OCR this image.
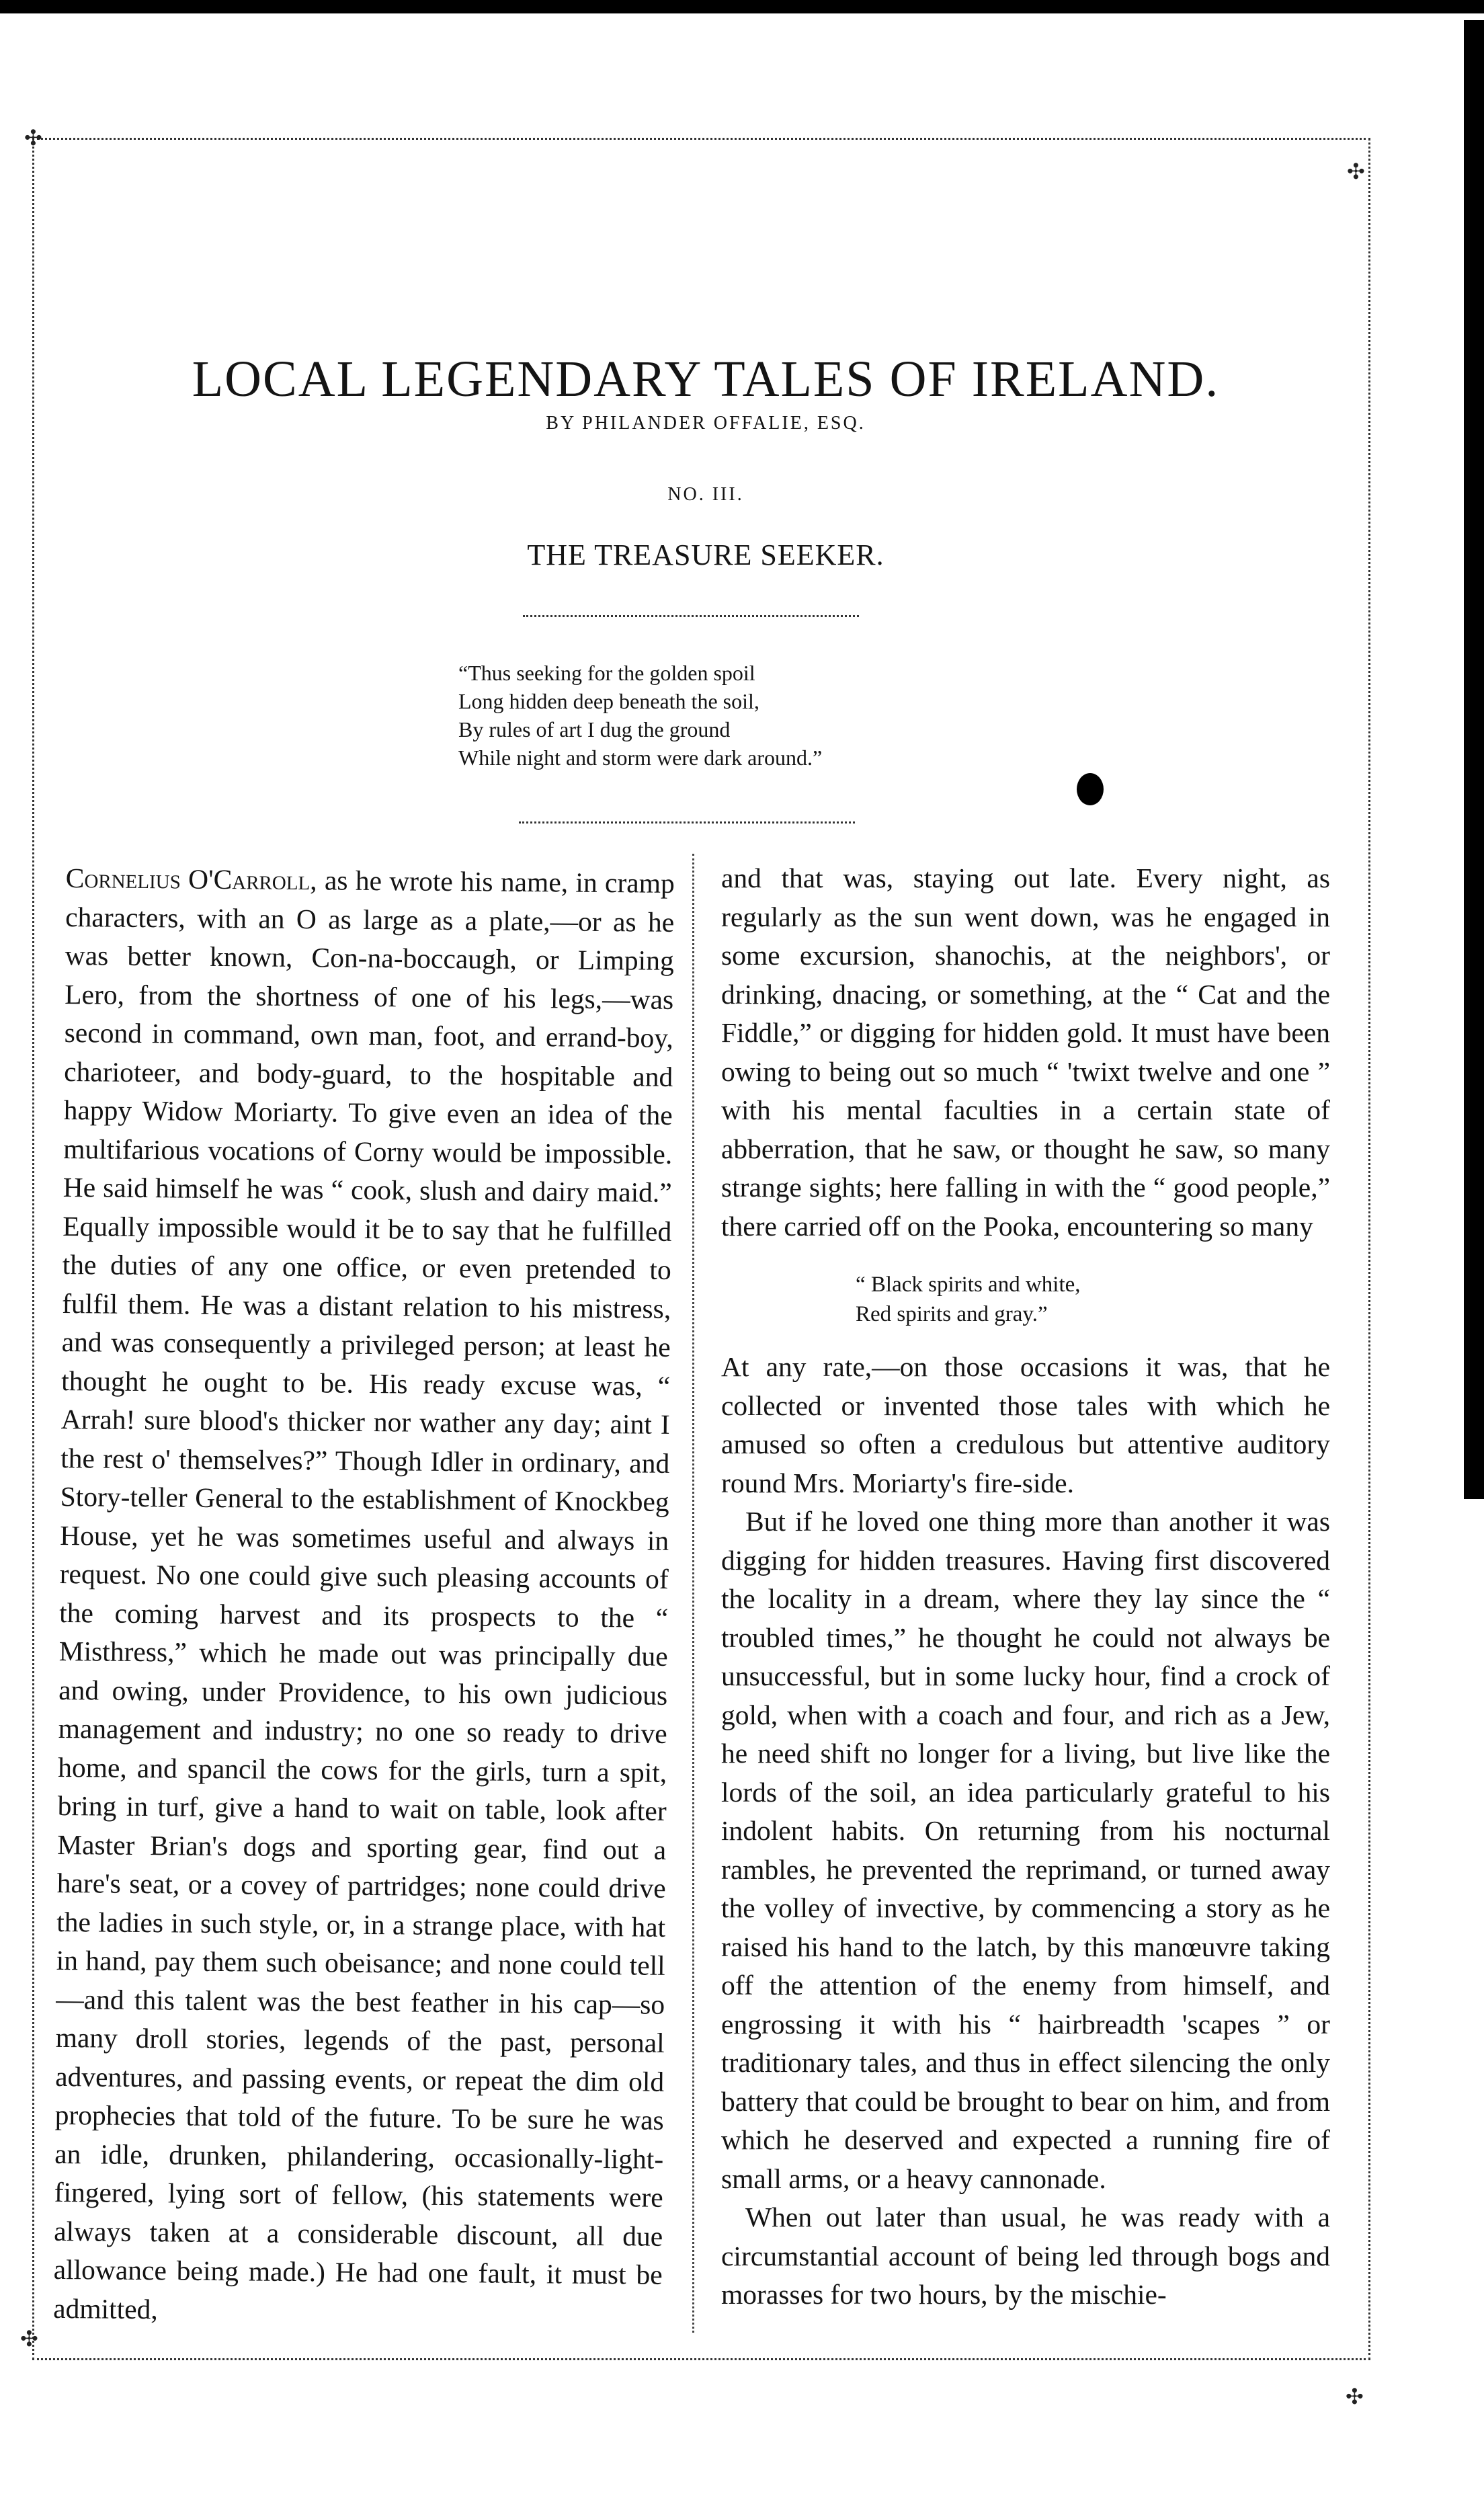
✣
✣
✣
✣
LOCAL LEGENDARY TALES OF IRELAND.
BY PHILANDER OFFALIE, ESQ.
NO. III.
THE TREASURE SEEKER.
“Thus seeking for the golden spoil
Long hidden deep beneath the soil,
By rules of art I dug the ground
While night and storm were dark around.”

Cornelius O'Carroll, as he wrote his name, in cramp characters, with an O as large as a plate,—or as he was better known, Con-na-boccaugh, or Limping Lero, from the shortness of one of his legs,—was second in command, own man, foot, and errand-boy, charioteer, and body-guard, to the hospitable and happy Widow Moriarty. To give even an idea of the multifarious vocations of Corny would be impossible. He said himself he was “ cook, slush and dairy maid.” Equally impossible would it be to say that he fulfilled the duties of any one office, or even pretended to fulfil them. He was a distant relation to his mistress, and was consequently a privileged person; at least he thought he ought to be. His ready excuse was, “ Arrah! sure blood's thicker nor wather any day; aint I the rest o' themselves?” Though Idler in ordinary, and Story-teller General to the establishment of Knockbeg House, yet he was sometimes useful and always in request. No one could give such pleasing accounts of the coming harvest and its prospects to the “ Misthress,” which he made out was principally due and owing, under Providence, to his own judicious management and industry; no one so ready to drive home, and spancil the cows for the girls, turn a spit, bring in turf, give a hand to wait on table, look after Master Brian's dogs and sporting gear, find out a hare's seat, or a covey of partridges; none could drive the ladies in such style, or, in a strange place, with hat in hand, pay them such obeisance; and none could tell—and this talent was the best feather in his cap—so many droll stories, legends of the past, personal adventures, and passing events, or repeat the dim old prophecies that told of the future. To be sure he was an idle, drunken, philandering, occasionally-light-fingered, lying sort of fellow, (his statements were always taken at a considerable discount, all due allowance being made.) He had one fault, it must be admitted,

and that was, staying out late. Every night, as regularly as the sun went down, was he engaged in some excursion, shanochis, at the neighbors', or drinking, dnacing, or something, at the “ Cat and the Fiddle,” or digging for hidden gold. It must have been owing to being out so much “ 'twixt twelve and one ” with his mental faculties in a certain state of abberration, that he saw, or thought he saw, so many strange sights; here falling in with the “ good people,” there carried off on the Pooka, encountering so many

“ Black spirits and white,
Red spirits and gray.”

At any rate,—on those occasions it was, that he collected or invented those tales with which he amused so often a credulous but attentive auditory round Mrs. Moriarty's fire-side.

But if he loved one thing more than another it was digging for hidden treasures. Having first discovered the locality in a dream, where they lay since the “ troubled times,” he thought he could not always be unsuccessful, but in some lucky hour, find a crock of gold, when with a coach and four, and rich as a Jew, he need shift no longer for a living, but live like the lords of the soil, an idea particularly grateful to his indolent habits. On returning from his nocturnal rambles, he prevented the reprimand, or turned away the volley of invective, by commencing a story as he raised his hand to the latch, by this manœuvre taking off the attention of the enemy from himself, and engrossing it with his “ hairbreadth 'scapes ” or traditionary tales, and thus in effect silencing the only battery that could be brought to bear on him, and from which he deserved and expected a running fire of small arms, or a heavy cannonade.

When out later than usual, he was ready with a circumstantial account of being led through bogs and morasses for two hours, by the mischie-
